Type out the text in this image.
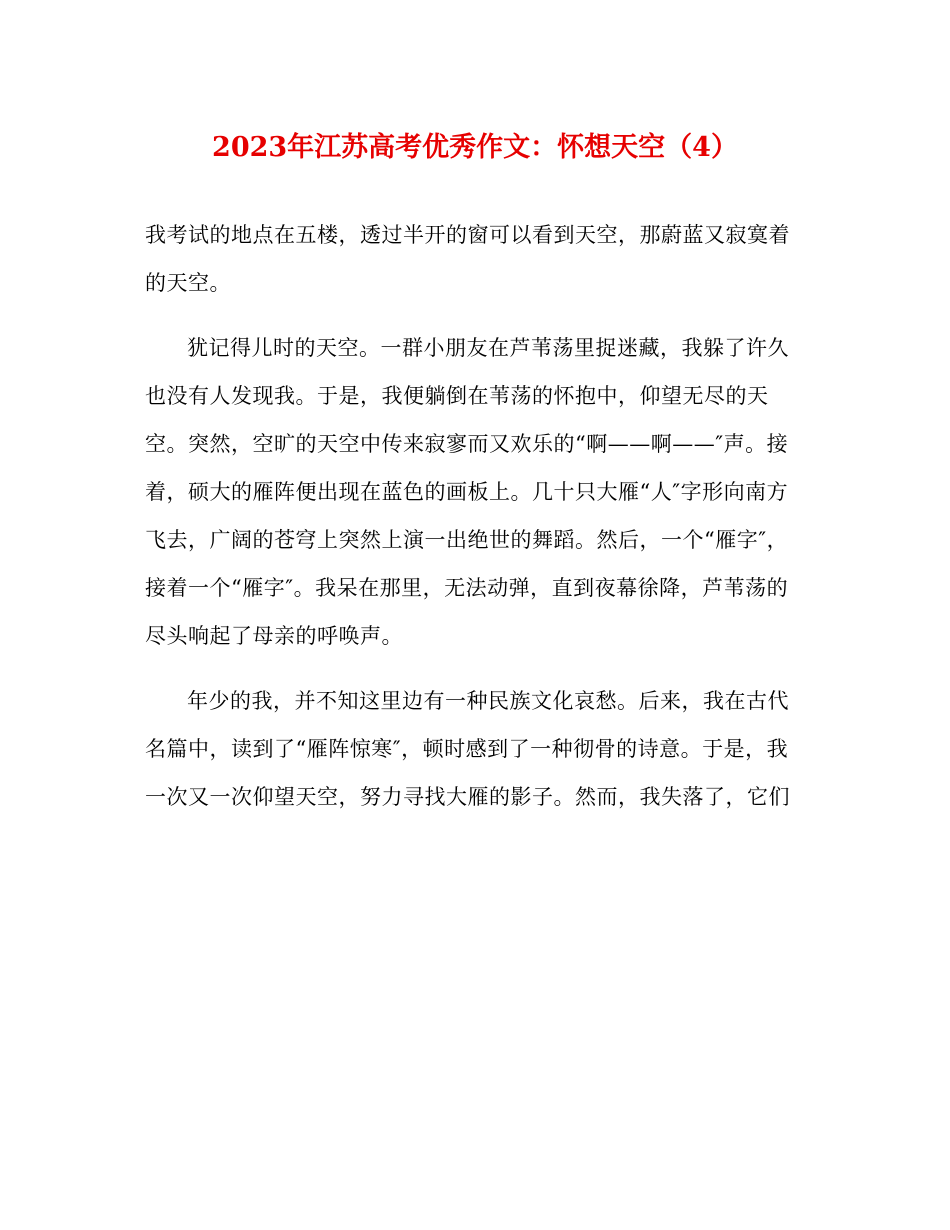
2023年江苏高考优秀作文：怀想天空（4）

我考试的地点在五楼，透过半开的窗可以看到天空，那蔚蓝又寂寞着
的天空。

犹记得儿时的天空。一群小朋友在芦苇荡里捉迷藏，我躲了许久
也没有人发现我。于是，我便躺倒在苇荡的怀抱中，仰望无尽的天
空。突然，空旷的天空中传来寂寥而又欢乐的“啊——啊——″声。接
着，硕大的雁阵便出现在蓝色的画板上。几十只大雁“人″字形向南方
飞去，广阔的苍穹上突然上演一出绝世的舞蹈。然后，一个“雁字″，
接着一个“雁字″。我呆在那里，无法动弹，直到夜幕徐降，芦苇荡的
尽头响起了母亲的呼唤声。

年少的我，并不知这里边有一种民族文化哀愁。后来，我在古代
名篇中，读到了“雁阵惊寒″，顿时感到了一种彻骨的诗意。于是，我
一次又一次仰望天空，努力寻找大雁的影子。然而，我失落了，它们
